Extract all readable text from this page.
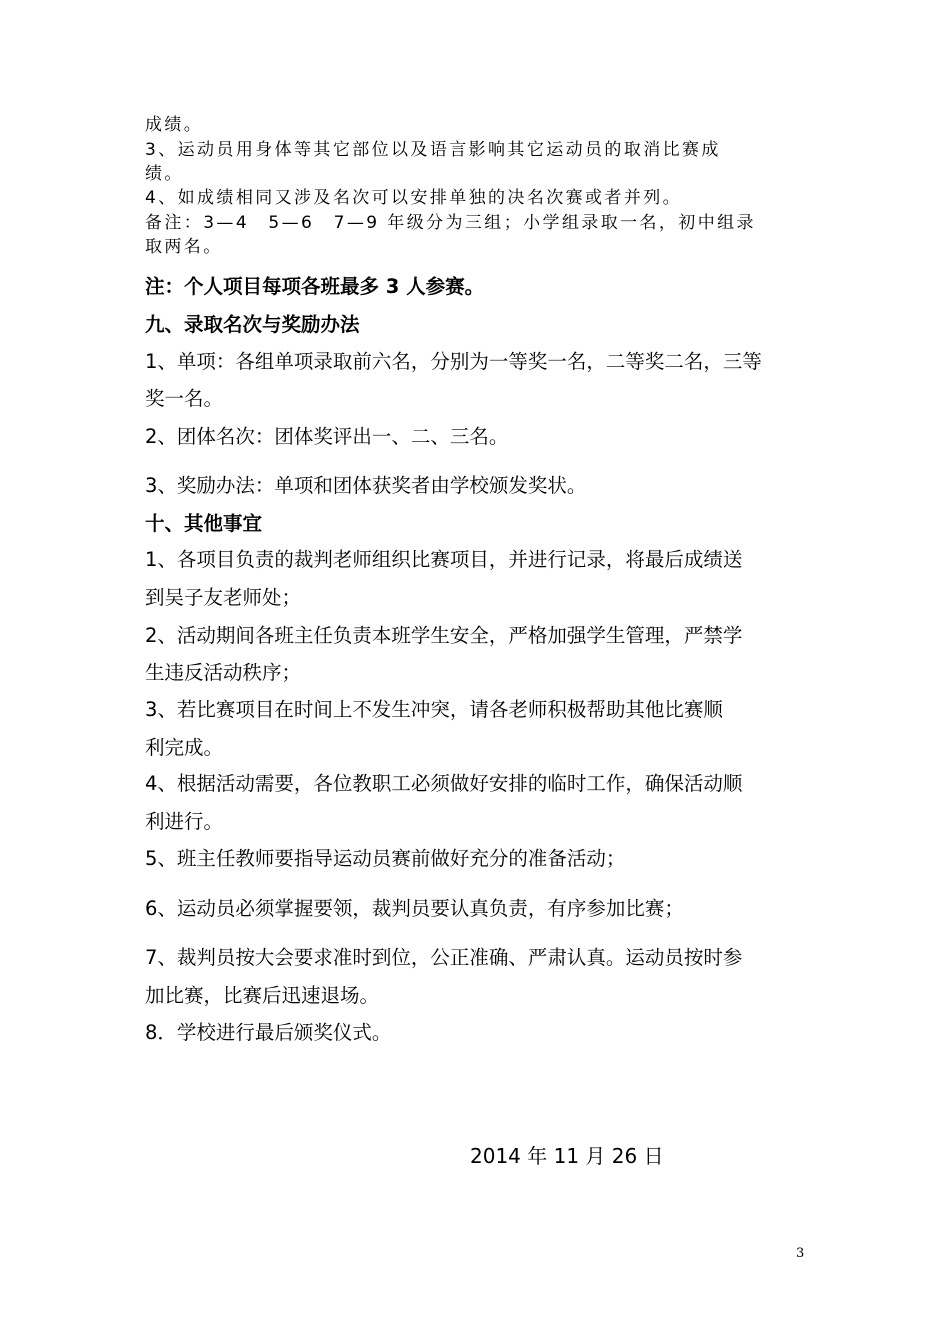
成绩。

3、运动员用身体等其它部位以及语言影响其它运动员的取消比赛成

绩。

4、如成绩相同又涉及名次可以安排单独的决名次赛或者并列。

备注：3—4　5—6　7—9 年级分为三组；小学组录取一名，初中组录

取两名。

注：个人项目每项各班最多 3 人参赛。

九、录取名次与奖励办法

1、单项：各组单项录取前六名，分别为一等奖一名，二等奖二名，三等

奖一名。

2、团体名次：团体奖评出一、二、三名。

3、奖励办法：单项和团体获奖者由学校颁发奖状。

十、其他事宜

1、各项目负责的裁判老师组织比赛项目，并进行记录，将最后成绩送

到吴子友老师处；

2、活动期间各班主任负责本班学生安全，严格加强学生管理，严禁学

生违反活动秩序；

3、若比赛项目在时间上不发生冲突，请各老师积极帮助其他比赛顺

利完成。

4、根据活动需要，各位教职工必须做好安排的临时工作，确保活动顺

利进行。

5、班主任教师要指导运动员赛前做好充分的准备活动；

6、运动员必须掌握要领，裁判员要认真负责，有序参加比赛；

7、裁判员按大会要求准时到位，公正准确、严肃认真。运动员按时参

加比赛，比赛后迅速退场。

8．学校进行最后颁奖仪式。

2014 年 11 月 26 日
3
